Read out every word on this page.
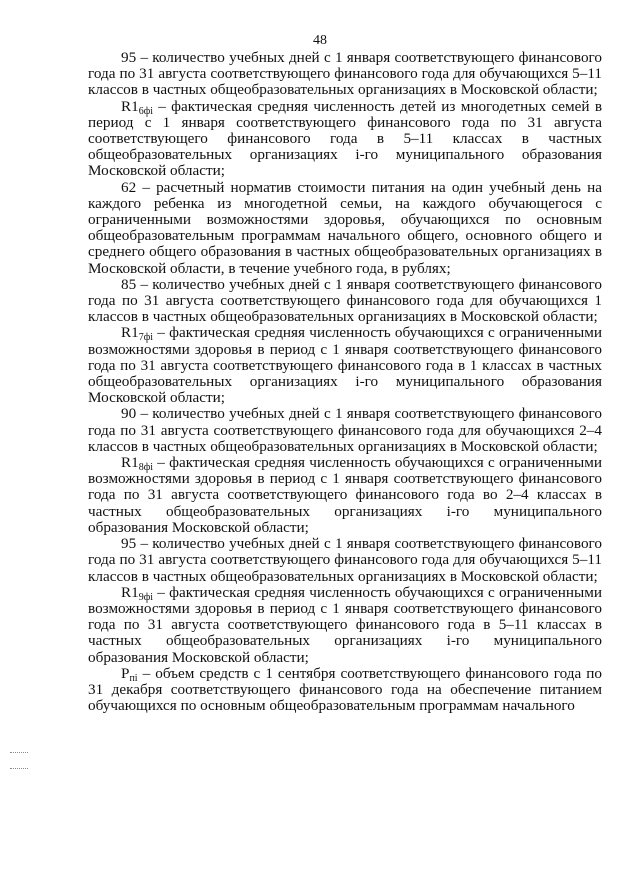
48

95 – количество учебных дней с 1 января соответствующего финансового года по 31 августа соответствующего финансового года для обучающихся 5–11 классов в частных общеобразовательных организациях в Московской области;

$R1_{6фi}$ – фактическая средняя численность детей из многодетных семей в период с 1 января соответствующего финансового года по 31 августа соответствующего финансового года в 5–11 классах в частных общеобразовательных организациях i-го муниципального образования Московской области;

62 – расчетный норматив стоимости питания на один учебный день на каждого ребенка из многодетной семьи, на каждого обучающегося с ограниченными возможностями здоровья, обучающихся по основным общеобразовательным программам начального общего, основного общего и среднего общего образования в частных общеобразовательных организациях в Московской области, в течение учебного года, в рублях;

85 – количество учебных дней с 1 января соответствующего финансового года по 31 августа соответствующего финансового года для обучающихся 1 классов в частных общеобразовательных организациях в Московской области;

$R1_{7фi}$ – фактическая средняя численность обучающихся с ограниченными возможностями здоровья в период с 1 января соответствующего финансового года по 31 августа соответствующего финансового года в 1 классах в частных общеобразовательных организациях i-го муниципального образования Московской области;

90 – количество учебных дней с 1 января соответствующего финансового года по 31 августа соответствующего финансового года для обучающихся 2–4 классов в частных общеобразовательных организациях в Московской области;

$R1_{8фi}$ – фактическая средняя численность обучающихся с ограниченными возможностями здоровья в период с 1 января соответствующего финансового года по 31 августа соответствующего финансового года во 2–4 классах в частных общеобразовательных организациях i-го муниципального образования Московской области;

95 – количество учебных дней с 1 января соответствующего финансового года по 31 августа соответствующего финансового года для обучающихся 5–11 классов в частных общеобразовательных организациях в Московской области;

$R1_{9фi}$ – фактическая средняя численность обучающихся с ограниченными возможностями здоровья в период с 1 января соответствующего финансового года по 31 августа соответствующего финансового года в 5–11 классах в частных общеобразовательных организациях i-го муниципального образования Московской области;

$P_{пi}$ – объем средств с 1 сентября соответствующего финансового года по 31 декабря соответствующего финансового года на обеспечение питанием обучающихся по основным общеобразовательным программам начального
